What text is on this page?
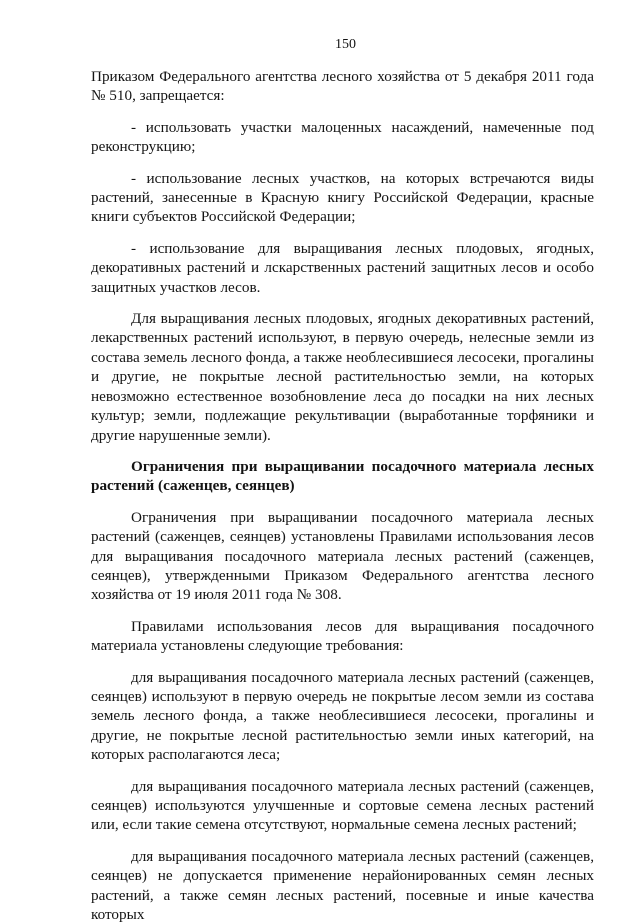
150

Приказом Федерального агентства лесного хозяйства от 5 декабря 2011 года № 510, запрещается:

- использовать участки малоценных насаждений, намеченные под реконструкцию;

- использование лесных участков, на которых встречаются виды растений, занесенные в Красную книгу Российской Федерации, красные книги субъектов Российской Федерации;

- использование для выращивания лесных плодовых, ягодных, декоративных растений и лскарственных растений защитных лесов и особо защитных участков лесов.

Для выращивания лесных плодовых, ягодных декоративных растений, лекарственных растений используют, в первую очередь, нелесные земли из состава земель лесного фонда, а также необлесившиеся лесосеки, прогалины и другие, не покрытые лесной растительностью земли, на которых невозможно естественное возобновление леса до посадки на них лесных культур; земли, подлежащие рекультивации (выработанные торфяники и другие нарушенные земли).

Ограничения при выращивании посадочного материала лесных растений (саженцев, сеянцев)

Ограничения при выращивании посадочного материала лесных растений (саженцев, сеянцев) установлены Правилами использования лесов для выращивания посадочного материала лесных растений (саженцев, сеянцев), утвержденными Приказом Федерального агентства лесного хозяйства от 19 июля 2011 года № 308.

Правилами использования лесов для выращивания посадочного материала установлены следующие требования:

для выращивания посадочного материала лесных растений (саженцев, сеянцев) используют в первую очередь не покрытые лесом земли из состава земель лесного фонда, а также необлесившиеся лесосеки, прогалины и другие, не покрытые лесной растительностью земли иных категорий, на которых располагаются леса;

для выращивания посадочного материала лесных растений (саженцев, сеянцев) используются улучшенные и сортовые семена лесных растений или, если такие семена отсутствуют, нормальные семена лесных растений;

для выращивания посадочного материала лесных растений (саженцев, сеянцев) не допускается применение нерайонированных семян лесных растений, а также семян лесных растений, посевные и иные качества которых
